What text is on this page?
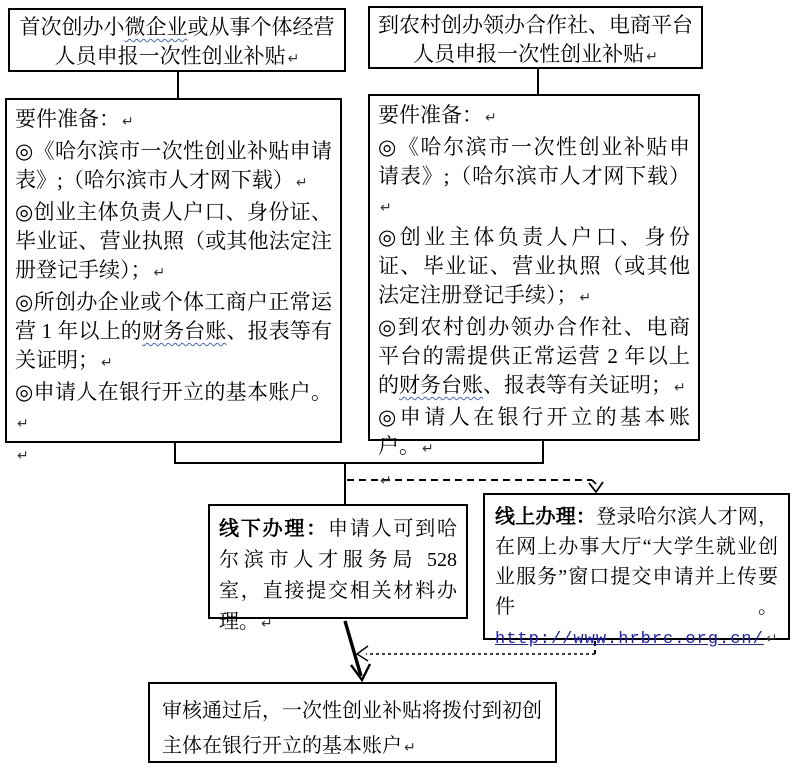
首次创办小微企业或从事个体经营人员申报一次性创业补贴 ↵

到农村创办领办合作社、电商平台人员申报一次性创业补贴 ↵

要件准备： ↵

◎《哈尔滨市一次性创业补贴申请表》;（哈尔滨市人才网下载） ↵

◎创业主体负责人户口、身份证、毕业证、营业执照（或其他法定注册登记手续）； ↵

◎所创办企业或个体工商户正常运营 1 年以上的财务台账、报表等有关证明； ↵

◎申请人在银行开立的基本账户。↵

↵

要件准备： ↵

◎《哈尔滨市一次性创业补贴申请表》;（哈尔滨市人才网下载）↵

◎创业主体负责人户口、身份证、毕业证、营业执照（或其他法定注册登记手续）； ↵

◎到农村创办领办合作社、电商平台的需提供正常运营 2 年以上的财务台账、报表等有关证明； ↵

◎申请人在银行开立的基本账户。 ↵

↵

线下办理：申请人可到哈尔滨市人才服务局 528 室，直接提交相关材料办理。 ↵

线上办理：登录哈尔滨人才网，在网上办事大厅“大学生就业创业服务”窗口提交申请并上传要件。http://www.hrbrc.org.cn/ ↵

审核通过后，一次性创业补贴将拨付到初创主体在银行开立的基本账户 ↵
